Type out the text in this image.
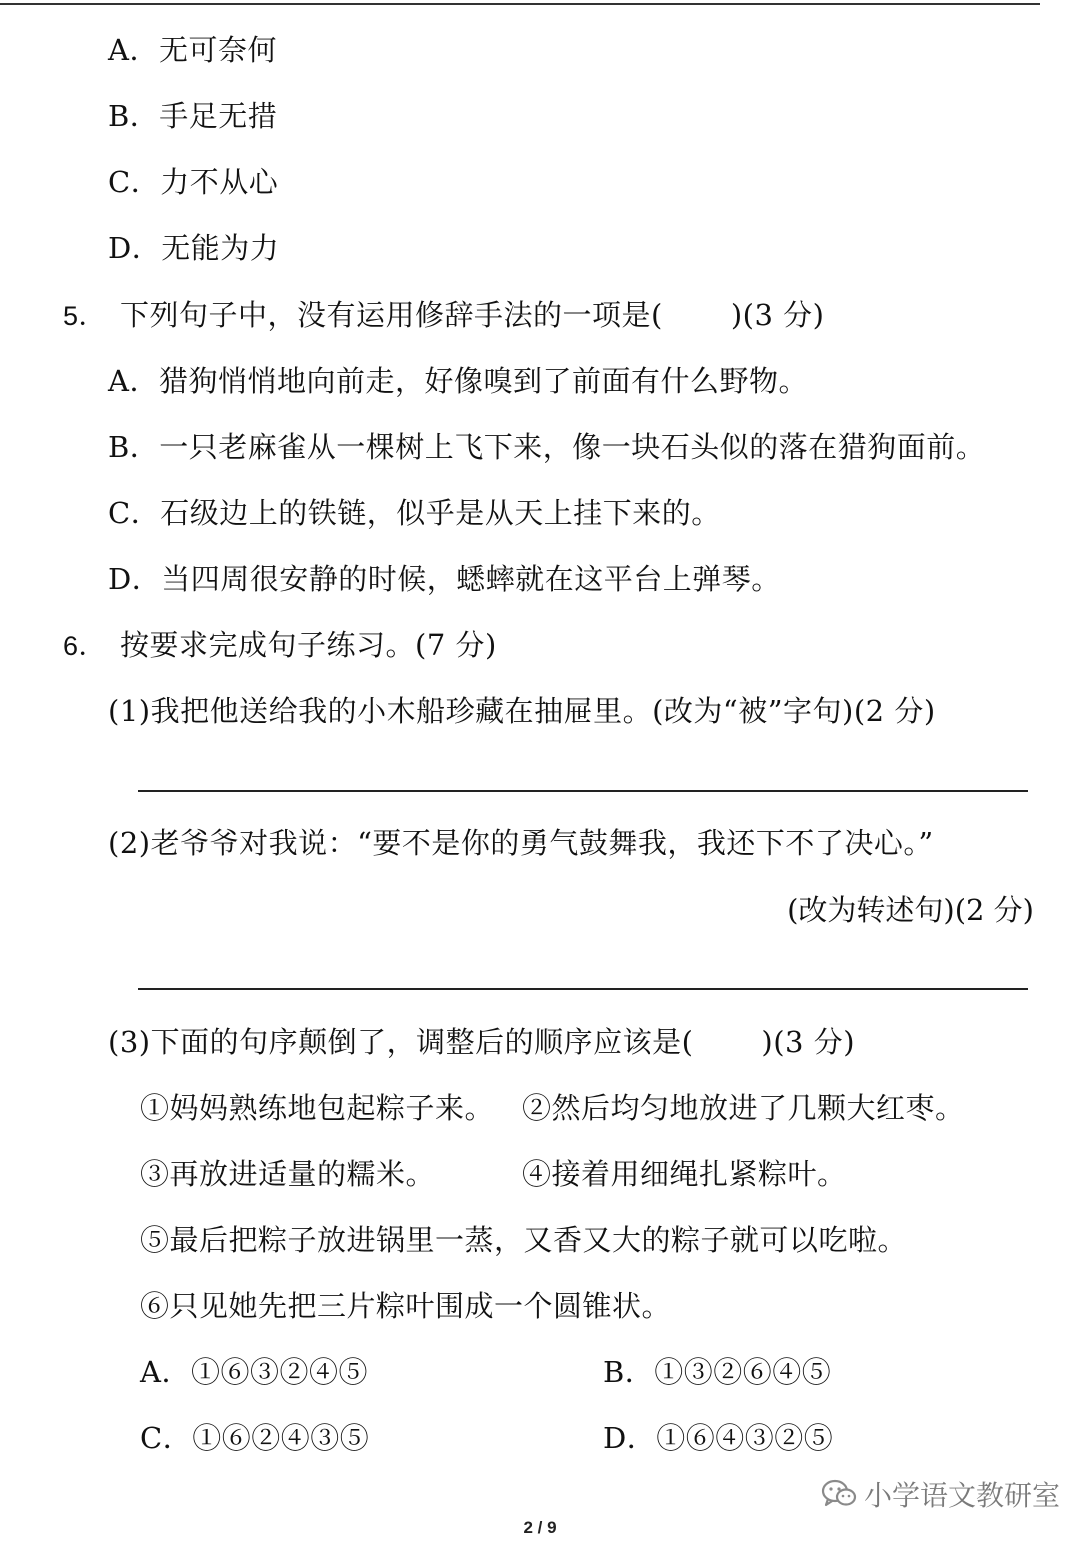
A．无可奈何
B．手足无措
C．力不从心
D．无能为力
5． 下列句子中，没有运用修辞手法的一项是( )(3 分)
A．猎狗悄悄地向前走，好像嗅到了前面有什么野物。
B．一只老麻雀从一棵树上飞下来，像一块石头似的落在猎狗面前。
C．石级边上的铁链，似乎是从天上挂下来的。
D．当四周很安静的时候，蟋蟀就在这平台上弹琴。
6． 按要求完成句子练习。(7 分)
(1)我把他送给我的小木船珍藏在抽屉里。(改为“被”字句)(2 分)
(2)老爷爷对我说：“要不是你的勇气鼓舞我，我还下不了决心。”
(改为转述句)(2 分)
(3)下面的句序颠倒了，调整后的顺序应该是( )(3 分)
①妈妈熟练地包起粽子来。 ②然后均匀地放进了几颗大红枣。
③再放进适量的糯米。	④接着用细绳扎紧粽叶。
⑤最后把粽子放进锅里一蒸，又香又大的粽子就可以吃啦。
⑥只见她先把三片粽叶围成一个圆锥状。
A．①⑥③②④⑤	B．①③②⑥④⑤
C．①⑥②④③⑤	D．①⑥④③②⑤
小学语文教研室
2 / 9
